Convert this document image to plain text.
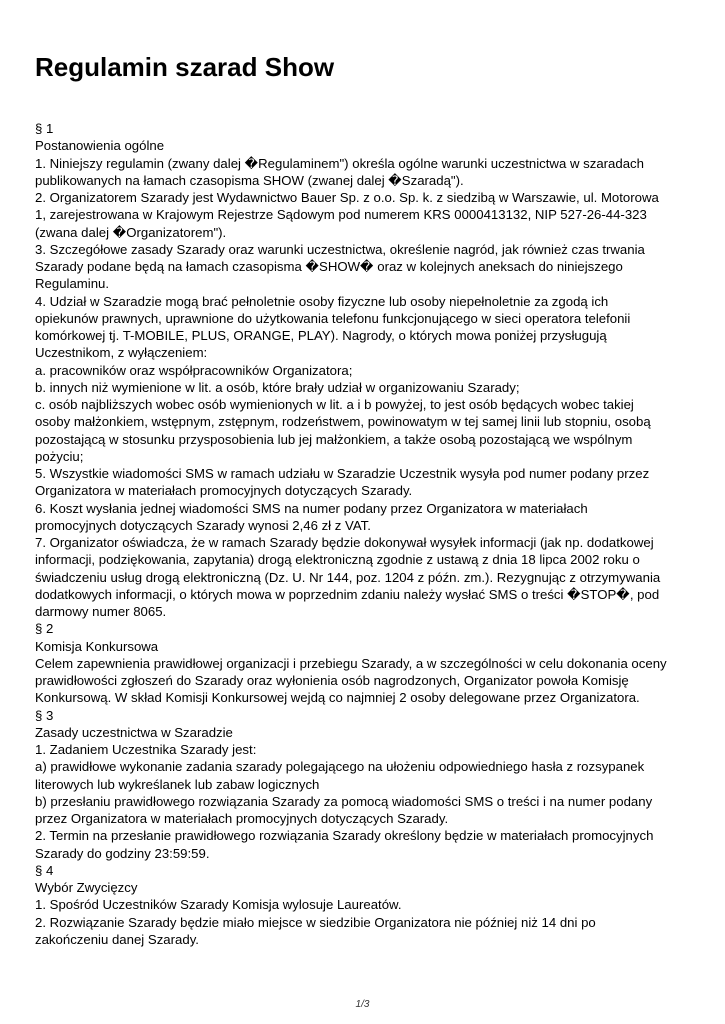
Regulamin szarad Show

§ 1

Postanowienia ogólne

1. Niniejszy regulamin (zwany dalej �Regulaminem") określa ogólne warunki uczestnictwa w szaradach

publikowanych na łamach czasopisma SHOW (zwanej dalej �Szaradą").

2. Organizatorem Szarady jest Wydawnictwo Bauer Sp. z o.o. Sp. k. z siedzibą w Warszawie, ul. Motorowa

1, zarejestrowana w Krajowym Rejestrze Sądowym pod numerem KRS 0000413132, NIP 527-26-44-323

(zwana dalej �Organizatorem").

3. Szczegółowe zasady Szarady oraz warunki uczestnictwa, określenie nagród, jak również czas trwania

Szarady podane będą na łamach czasopisma �SHOW� oraz w kolejnych aneksach do niniejszego

Regulaminu.

4. Udział w Szaradzie mogą brać pełnoletnie osoby fizyczne lub osoby niepełnoletnie za zgodą ich

opiekunów prawnych, uprawnione do użytkowania telefonu funkcjonującego w sieci operatora telefonii

komórkowej tj. T-MOBILE, PLUS, ORANGE, PLAY). Nagrody, o których mowa poniżej przysługują

Uczestnikom, z wyłączeniem:

a. pracowników oraz współpracowników Organizatora;

b. innych niż wymienione w lit. a osób, które brały udział w organizowaniu Szarady;

c. osób najbliższych wobec osób wymienionych w lit. a i b powyżej, to jest osób będących wobec takiej

osoby małżonkiem, wstępnym, zstępnym, rodzeństwem, powinowatym w tej samej linii lub stopniu, osobą

pozostającą w stosunku przysposobienia lub jej małżonkiem, a także osobą pozostającą we wspólnym

pożyciu;

5. Wszystkie wiadomości SMS w ramach udziału w Szaradzie Uczestnik wysyła pod numer podany przez

Organizatora w materiałach promocyjnych dotyczących Szarady.

6. Koszt wysłania jednej wiadomości SMS na numer podany przez Organizatora w materiałach

promocyjnych dotyczących Szarady wynosi 2,46 zł z VAT.

7. Organizator oświadcza, że w ramach Szarady będzie dokonywał wysyłek informacji (jak np. dodatkowej

informacji, podziękowania, zapytania) drogą elektroniczną zgodnie z ustawą z dnia 18 lipca 2002 roku o

świadczeniu usług drogą elektroniczną (Dz. U. Nr 144, poz. 1204 z późn. zm.). Rezygnując z otrzymywania

dodatkowych informacji, o których mowa w poprzednim zdaniu należy wysłać SMS o treści �STOP�, pod

darmowy numer 8065.

§ 2

Komisja Konkursowa

Celem zapewnienia prawidłowej organizacji i przebiegu Szarady, a w szczególności w celu dokonania oceny

prawidłowości zgłoszeń do Szarady oraz wyłonienia osób nagrodzonych, Organizator powoła Komisję

Konkursową. W skład Komisji Konkursowej wejdą co najmniej 2 osoby delegowane przez Organizatora.

§ 3

Zasady uczestnictwa w Szaradzie

1. Zadaniem Uczestnika Szarady jest:

a) prawidłowe wykonanie zadania szarady polegającego na ułożeniu odpowiedniego hasła z rozsypanek

literowych lub wykreślanek lub zabaw logicznych

b) przesłaniu prawidłowego rozwiązania Szarady za pomocą wiadomości SMS o treści i na numer podany

przez Organizatora w materiałach promocyjnych dotyczących Szarady.

2. Termin na przesłanie prawidłowego rozwiązania Szarady określony będzie w materiałach promocyjnych

Szarady do godziny 23:59:59.

§ 4

Wybór Zwycięzcy

1. Spośród Uczestników Szarady Komisja wylosuje Laureatów.

2. Rozwiązanie Szarady będzie miało miejsce w siedzibie Organizatora nie później niż 14 dni po

zakończeniu danej Szarady.

1/3
